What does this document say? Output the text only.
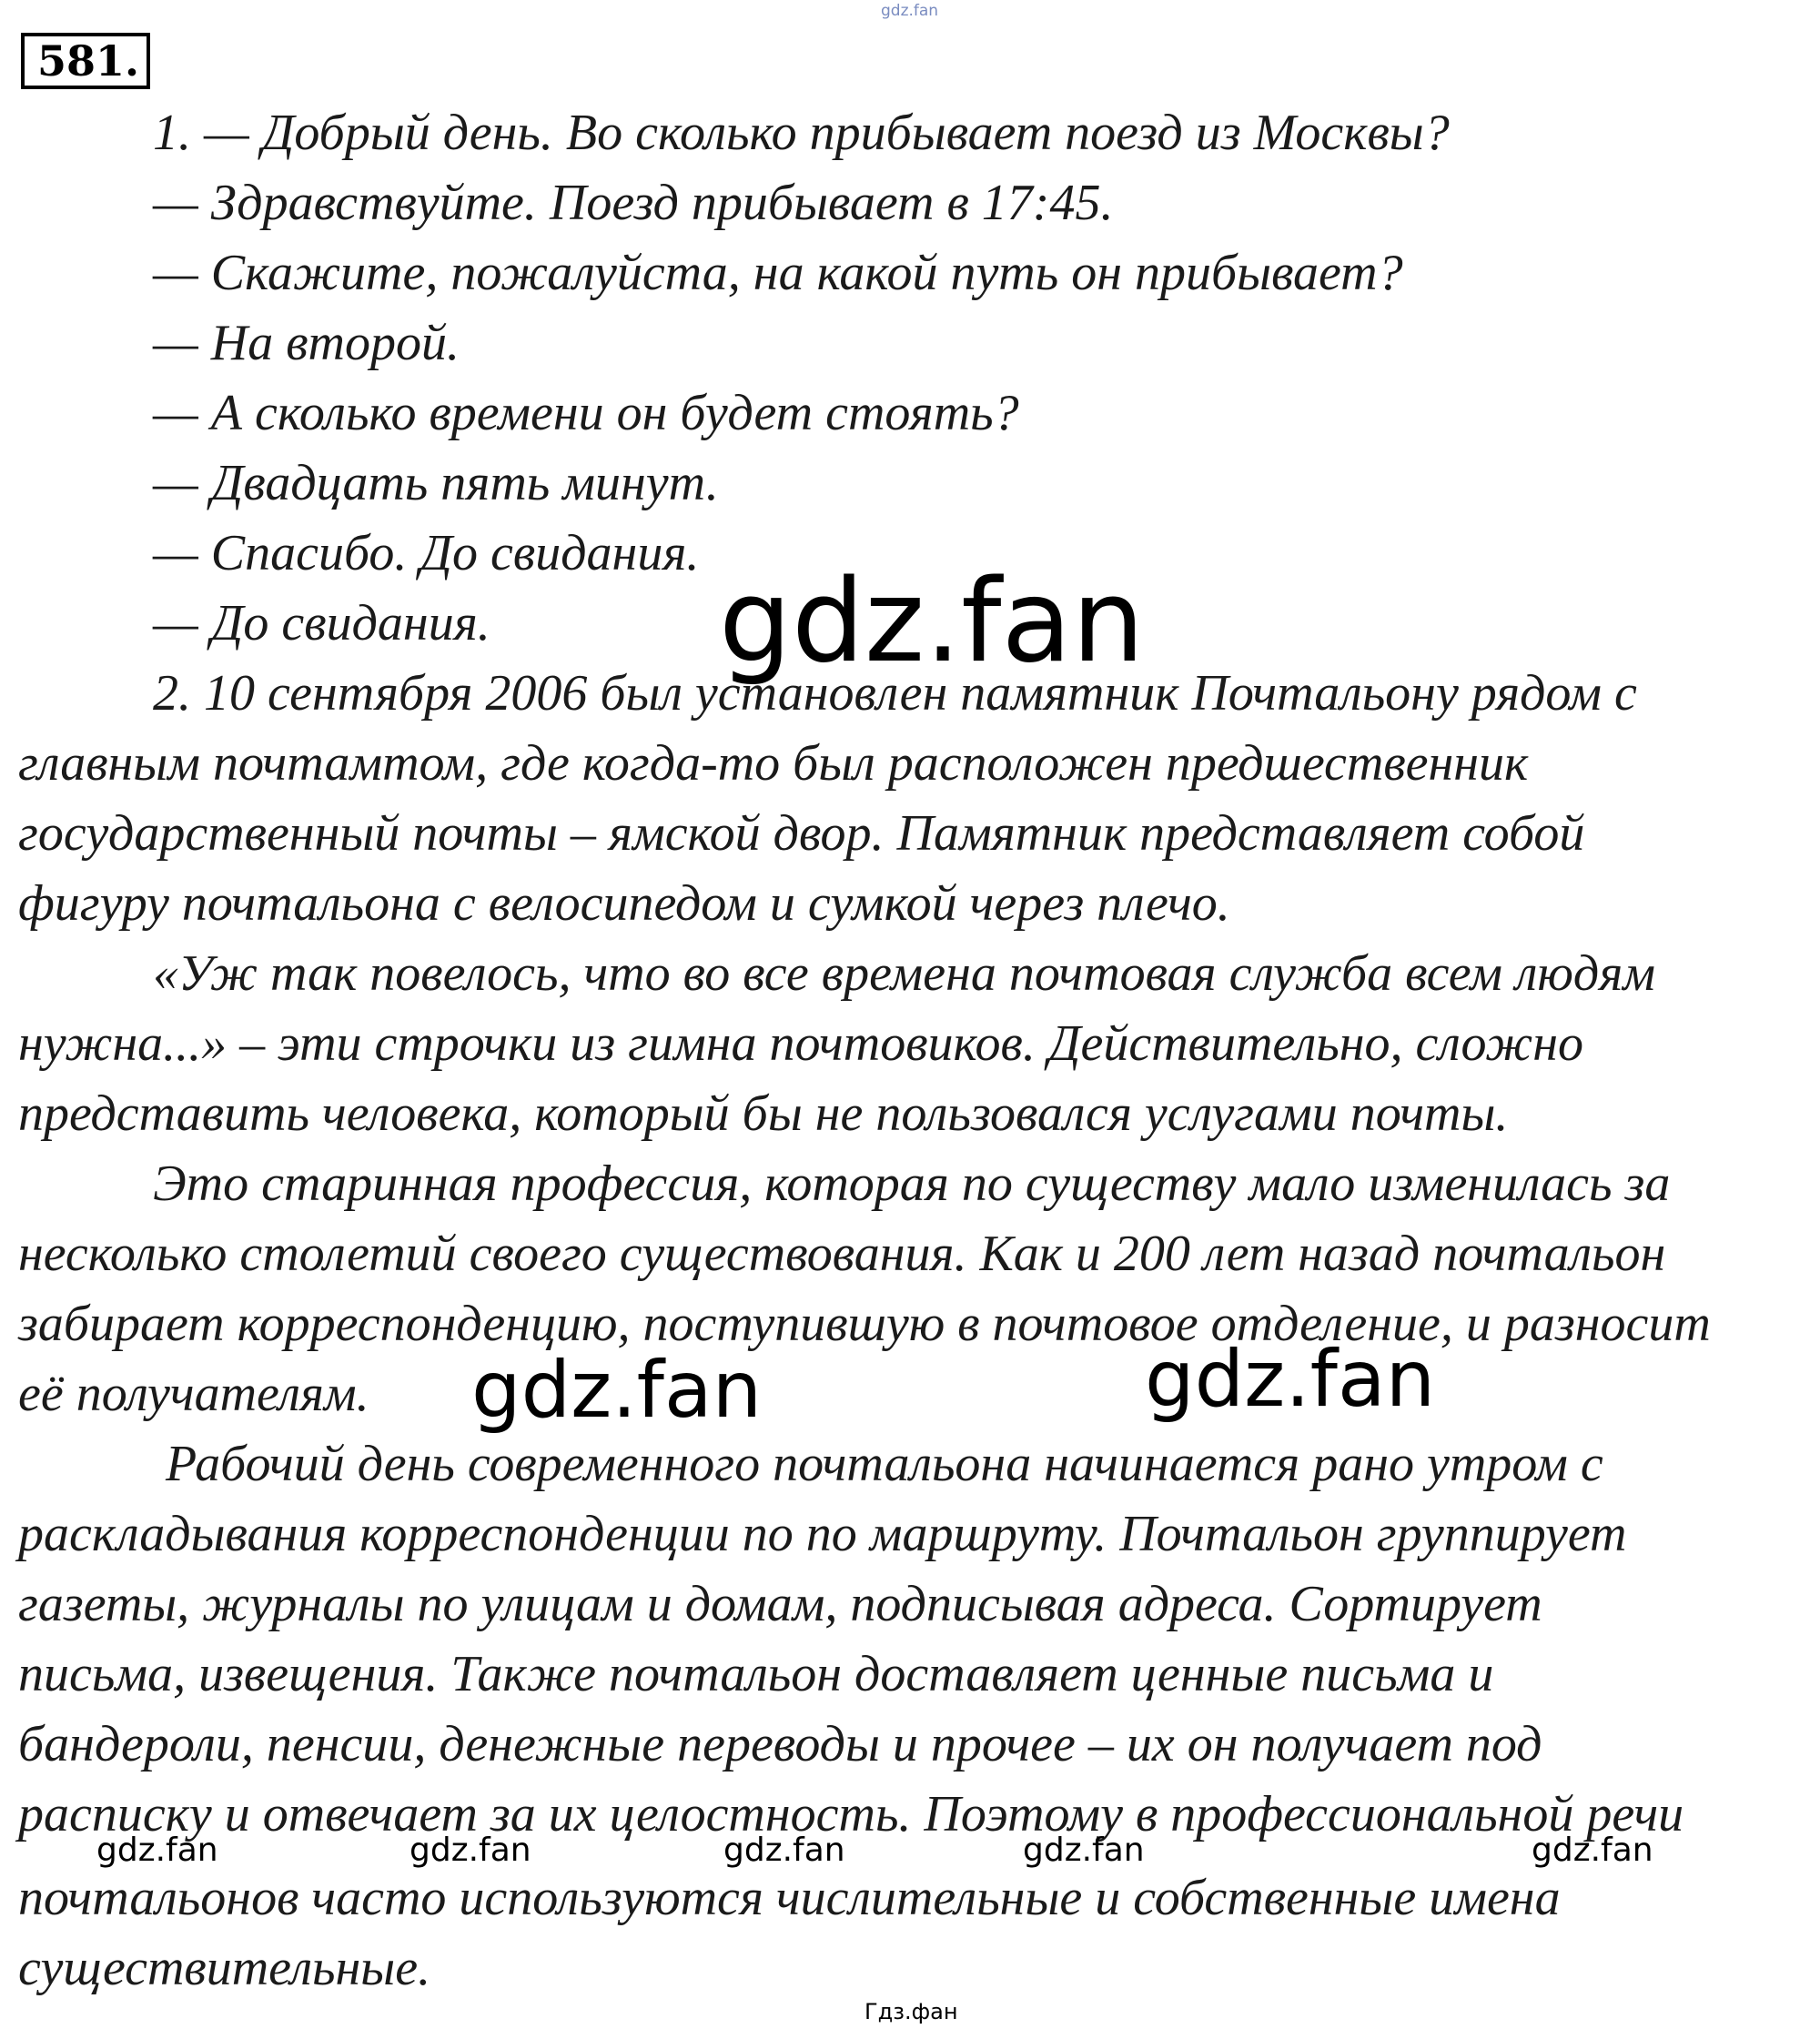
gdz.fan
581.
1. — Добрый день. Во сколько прибывает поезд из Москвы?
— Здравствуйте. Поезд прибывает в 17:45.
— Скажите, пожалуйста, на какой путь он прибывает?
— На второй.
— А сколько времени он будет стоять?
— Двадцать пять минут.
— Спасибо. До свидания.
— До свидания. gdz.fan
2. 10 сентября 2006 был установлен памятник Почтальону рядом с
главным почтамтом, где когда-то был расположен предшественник
государственный почты – ямской двор. Памятник представляет собой
фигуру почтальона с велосипедом и сумкой через плечо.
«Уж так повелось, что во все времена почтовая служба всем людям
нужна...» – эти строчки из гимна почтовиков. Действительно, сложно
представить человека, который бы не пользовался услугами почты.
Это старинная профессия, которая по существу мало изменилась за
несколько столетий своего существования. Как и 200 лет назад почтальон
забирает корреспонденцию, поступившую в почтовое отделение, и разносит
её получателям. gdz.fan	gdz.fan
Рабочий день современного почтальона начинается рано утром с
раскладывания корреспонденции по по маршруту. Почтальон группирует
газеты, журналы по улицам и домам, подписывая адреса. Сортирует
письма, извещения. Также почтальон доставляет ценные письма и
бандероли, пенсии, денежные переводы и прочее – их он получает под
расписку и отвечает за их целостность. Поэтому в профессиональной речи
gdz.fan	gdz.fan	gdz.fan	gdz.fan	gdz.fan
почтальонов часто используются числительные и собственные имена
существительные.
Гдз.фан
